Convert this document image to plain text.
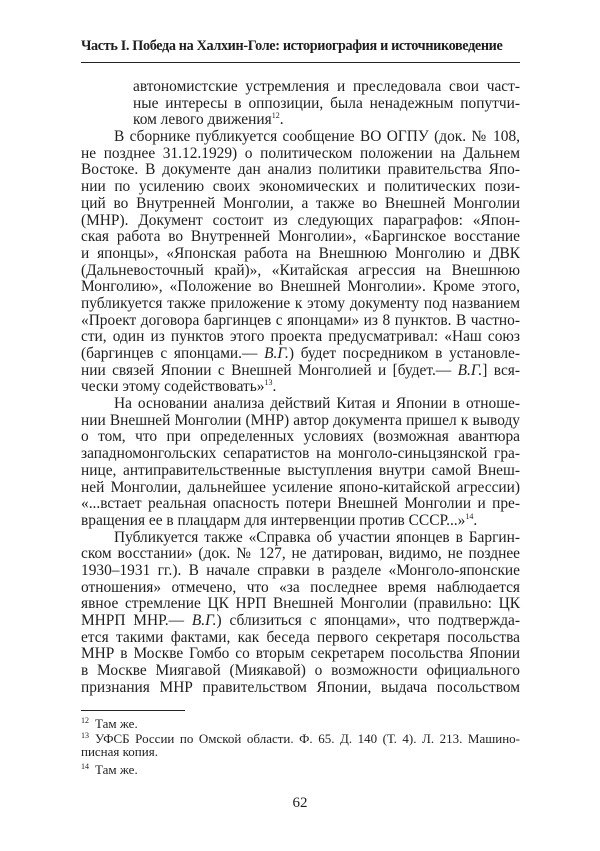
Часть I. Победа на Халхин-Голе: историография и источниковедение
автономистские устремления и преследовала свои част-
ные интересы в оппозиции, была ненадежным попутчи-
ком левого движения$^{12}$.
В сборнике публикуется сообщение ВО ОГПУ (док. № 108,
не позднее 31.12.1929) о политическом положении на Дальнем
Востоке. В документе дан анализ политики правительства Япо-
нии по усилению своих экономических и политических пози-
ций во Внутренней Монголии, а также во Внешней Монголии
(МНР). Документ состоит из следующих параграфов: «Япон-
ская работа во Внутренней Монголии», «Баргинское восстание
и японцы», «Японская работа на Внешнюю Монголию и ДВК
(Дальневосточный край)», «Китайская агрессия на Внешнюю
Монголию», «Положение во Внешней Монголии». Кроме этого,
публикуется также приложение к этому документу под названием
«Проект договора баргинцев с японцами» из 8 пунктов. В частно-
сти, один из пунктов этого проекта предусматривал: «Наш союз
(баргинцев с японцами.— В.Г.) будет посредником в установле-
нии связей Японии с Внешней Монголией и [будет.— В.Г.] вся-
чески этому содействовать»$^{13}$.
На основании анализа действий Китая и Японии в отноше-
нии Внешней Монголии (МНР) автор документа пришел к выводу
о том, что при определенных условиях (возможная авантюра
западномонгольских сепаратистов на монголо-синьцзянской гра-
нице, антиправительственные выступления внутри самой Внеш-
ней Монголии, дальнейшее усиление японо-китайской агрессии)
«...встает реальная опасность потери Внешней Монголии и пре-
вращения ее в плацдарм для интервенции против СССР...»$^{14}$.
Публикуется также «Справка об участии японцев в Баргин-
ском восстании» (док. № 127, не датирован, видимо, не позднее
1930–1931 гг.). В начале справки в разделе «Монголо-японские
отношения» отмечено, что «за последнее время наблюдается
явное стремление ЦК НРП Внешней Монголии (правильно: ЦК
МНРП МНР.— В.Г.) сблизиться с японцами», что подтвержда-
ется такими фактами, как беседа первого секретаря посольства
МНР в Москве Гомбо со вторым секретарем посольства Японии
в Москве Миягавой (Миякавой) о возможности официального
признания МНР правительством Японии, выдача посольством
$^{12}$ Там же.
$^{13}$ УФСБ России по Омской области. Ф. 65. Д. 140 (Т. 4). Л. 213. Машино-
писная копия.
$^{14}$ Там же.
62
